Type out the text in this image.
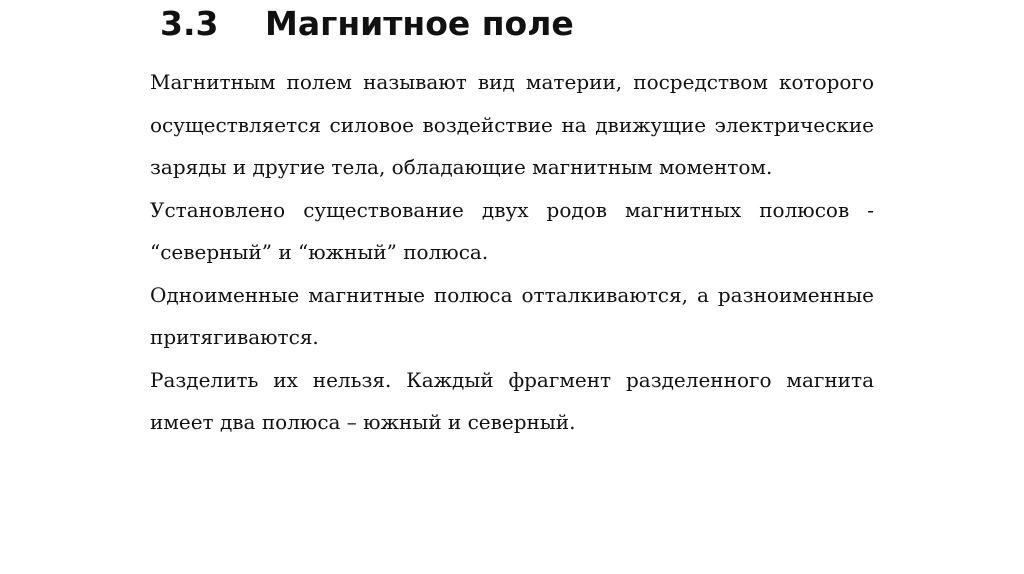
3.3 Магнитное поле

Магнитным полем называют вид материи, посредством которого осуществляется силовое воздействие на движущие электрические заряды и другие тела, обладающие магнитным моментом.

Установлено существование двух родов магнитных полюсов - “северный” и “южный” полюса.

Одноименные магнитные полюса отталкиваются, а разноименные притягиваются.

Разделить их нельзя. Каждый фрагмент разделенного магнита имеет два полюса – южный и северный.
